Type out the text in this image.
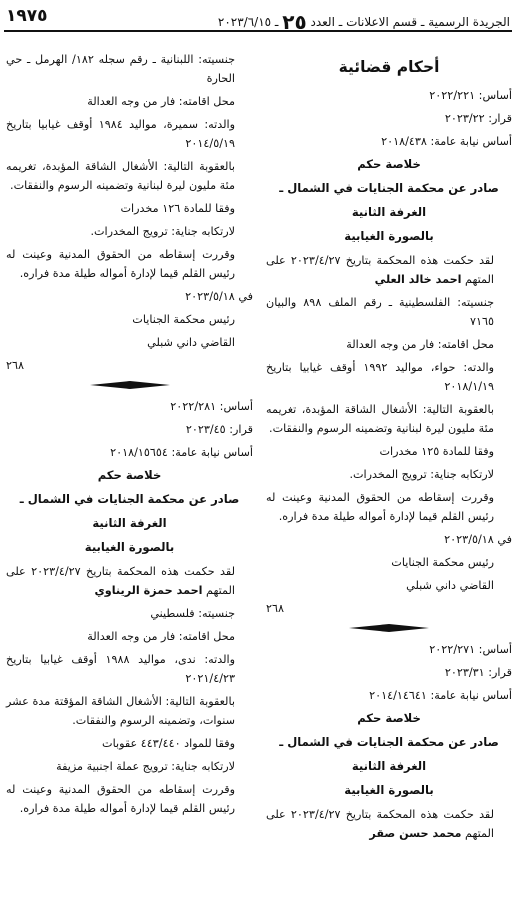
الجريدة الرسمية ـ قسم الاعلانات ـ العدد ٢٥ ـ ٢٠٢٣/٦/١٥
١٩٧٥
أحكام قضائية
أساس: ٢٠٢٢/٢٢١
قرار: ٢٠٢٣/٢٢
أساس نيابة عامة: ٢٠١٨/٤٣٨
خلاصة حكم
صادر عن محكمة الجنايات في الشمال ـ
الغرفة الثانية
بالصورة الغيابية
لقد حكمت هذه المحكمة بتاريخ ٢٠٢٣/٤/٢٧ على المتهم احمد خالد العلي
جنسيته: الفلسطينية ـ رقم الملف ٨٩٨ والبيان ٧١٦٥
محل اقامته: فار من وجه العدالة
والدته: حواء، مواليد ١٩٩٢ أوقف غيابيا بتاريخ ٢٠١٨/١/١٩
بالعقوبة التالية: الأشغال الشاقة المؤبدة، تغريمه مئة مليون ليرة لبنانية وتضمينه الرسوم والنفقات.
وفقا للمادة ١٢٥ مخدرات
لارتكابه جناية: ترويج المخدرات.
وقررت إسقاطه من الحقوق المدنية وعينت له رئيس القلم قيما لإدارة أمواله طيلة مدة فراره.
في ٢٠٢٣/٥/١٨
رئيس محكمة الجنايات
القاضي داني شبلي
٢٦٨
أساس: ٢٠٢٢/٢٧١
قرار: ٢٠٢٣/٣١
أساس نيابة عامة: ٢٠١٤/١٤٦٤١
خلاصة حكم
صادر عن محكمة الجنايات في الشمال ـ
الغرفة الثانية
بالصورة الغيابية
لقد حكمت هذه المحكمة بتاريخ ٢٠٢٣/٤/٢٧ على المتهم محمد حسن صقر
جنسيته: اللبنانية ـ رقم سجله ١٨٢/ الهرمل ـ حي الحارة
محل اقامته: فار من وجه العدالة
والدته: سميرة، مواليد ١٩٨٤ أوقف غيابيا بتاريخ ٢٠١٤/٥/١٩
بالعقوبة التالية: الأشغال الشاقة المؤبدة، تغريمه مئة مليون ليرة لبنانية وتضمينه الرسوم والنفقات.
وفقا للمادة ١٢٦ مخدرات
لارتكابه جناية: ترويج المخدرات.
وقررت إسقاطه من الحقوق المدنية وعينت له رئيس القلم قيما لإدارة أمواله طيلة مدة فراره.
في ٢٠٢٣/٥/١٨
رئيس محكمة الجنايات
القاضي داني شبلي
٢٦٨
أساس: ٢٠٢٢/٢٨١
قرار: ٢٠٢٣/٤٥
أساس نيابة عامة: ٢٠١٨/١٥٦٥٤
خلاصة حكم
صادر عن محكمة الجنايات في الشمال ـ
الغرفة الثانية
بالصورة الغيابية
لقد حكمت هذه المحكمة بتاريخ ٢٠٢٣/٤/٢٧ على المتهم احمد حمزة الريناوي
جنسيته: فلسطيني
محل اقامته: فار من وجه العدالة
والدته: ندى، مواليد ١٩٨٨ أوقف غيابيا بتاريخ ٢٠٢١/٤/٢٣
بالعقوبة التالية: الأشغال الشاقة المؤقتة مدة عشر سنوات، وتضمينه الرسوم والنفقات.
وفقا للمواد ٤٤٣/٤٤٠ عقوبات
لارتكابه جناية: ترويج عملة اجنبية مزيفة
وقررت إسقاطه من الحقوق المدنية وعينت له رئيس القلم قيما لإدارة أمواله طيلة مدة فراره.
